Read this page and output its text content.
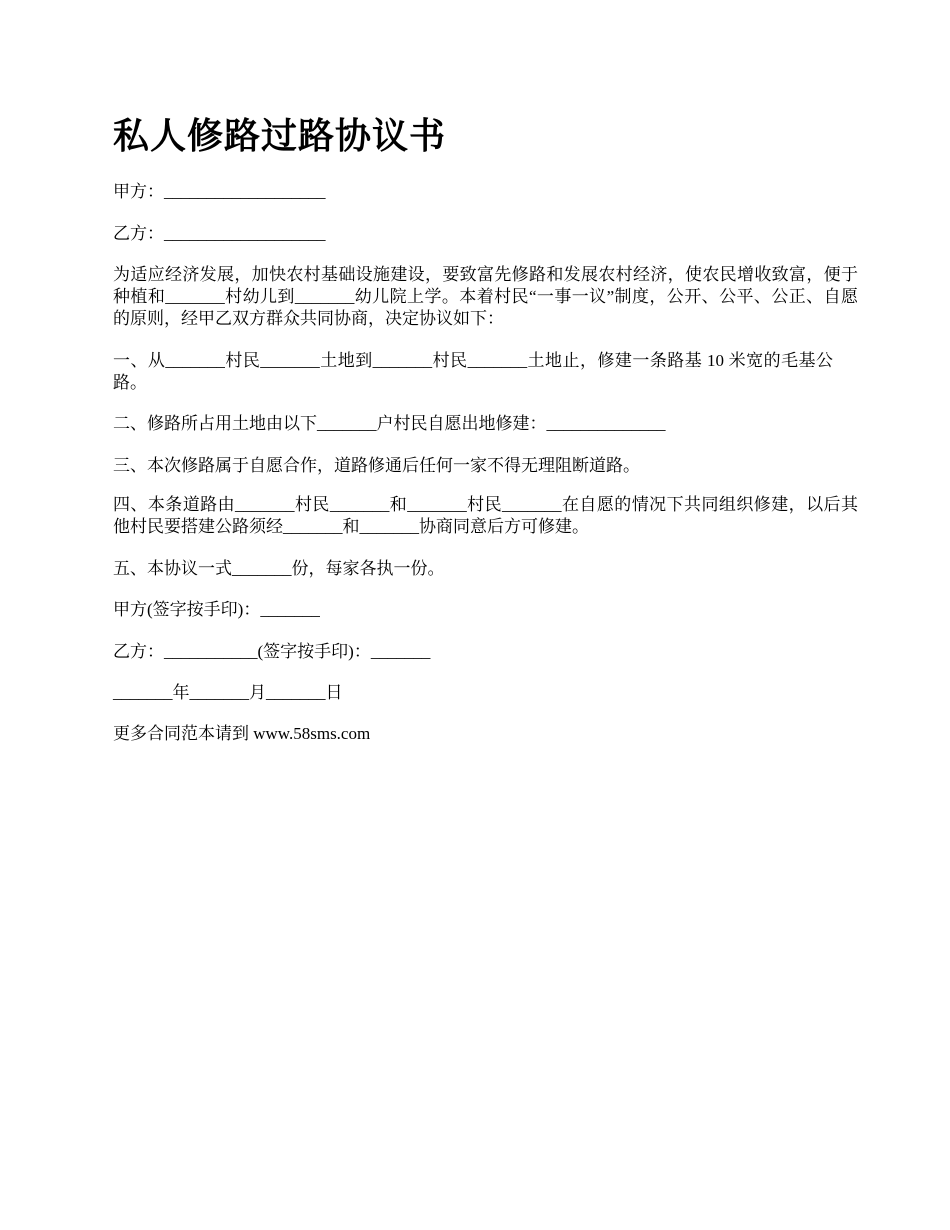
私人修路过路协议书

甲方：___________________

乙方：___________________

为适应经济发展，加快农村基础设施建设，要致富先修路和发展农村经济，使农民增收致富，便于种植和_______村幼儿到_______幼儿院上学。本着村民“一事一议”制度，公开、公平、公正、自愿的原则，经甲乙双方群众共同协商，决定协议如下：

一、从_______村民_______土地到_______村民_______土地止，修建一条路基 10 米宽的毛基公路。

二、修路所占用土地由以下_______户村民自愿出地修建：______________

三、本次修路属于自愿合作，道路修通后任何一家不得无理阻断道路。

四、本条道路由_______村民_______和_______村民_______在自愿的情况下共同组织修建，以后其他村民要搭建公路须经_______和_______协商同意后方可修建。

五、本协议一式_______份，每家各执一份。

甲方(签字按手印)：_______

乙方：___________(签字按手印)：_______

_______年_______月_______日

更多合同范本请到 www.58sms.com
